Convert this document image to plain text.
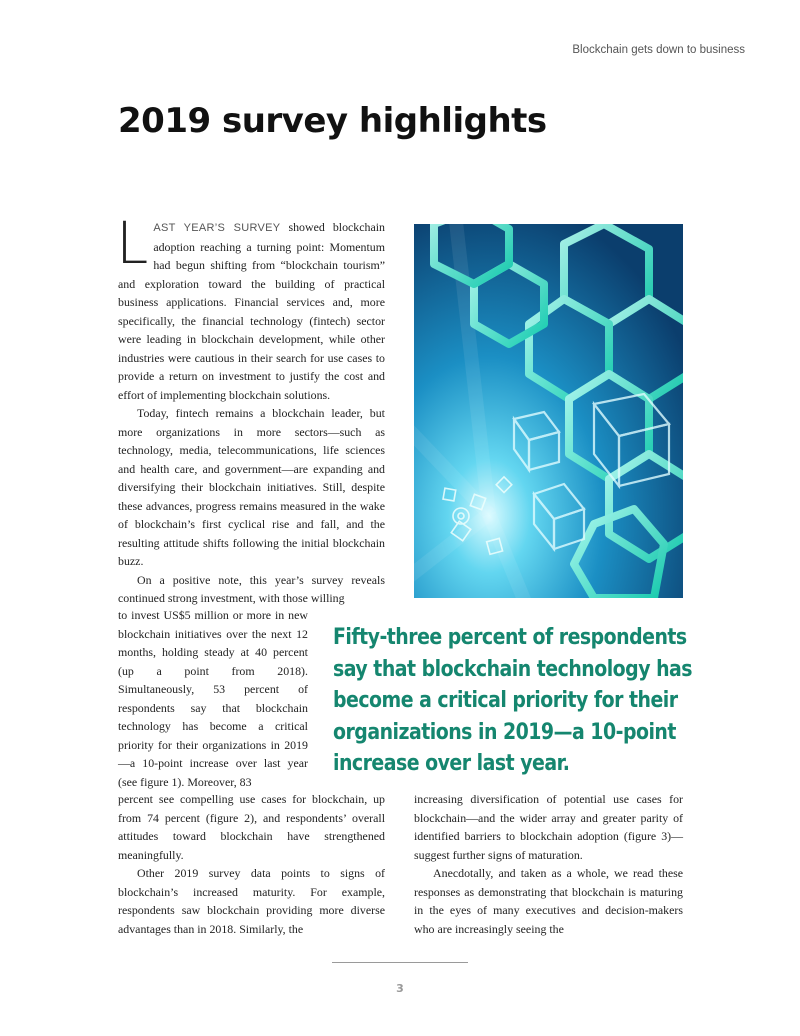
Blockchain gets down to business
2019 survey highlights

LAST YEAR’S SURVEY showed blockchain adoption reaching a turning point: Momentum had begun shifting from “blockchain tourism” and exploration toward the building of practical business applications. Financial services and, more specifically, the financial technology (fintech) sector were leading in blockchain development, while other industries were cautious in their search for use cases to provide a return on investment to justify the cost and effort of implementing blockchain solutions.

Today, fintech remains a blockchain leader, but more organizations in more sectors—such as technology, media, telecommunications, life sciences and health care, and government—are expanding and diversifying their blockchain initiatives. Still, despite these advances, progress remains measured in the wake of blockchain’s first cyclical rise and fall, and the resulting attitude shifts following the initial blockchain buzz.

On a positive note, this year’s survey reveals continued strong investment, with those willing

to invest US$5 million or more in new blockchain initiatives over the next 12 months, holding steady at 40 percent (up a point from 2018). Simultaneously, 53 percent of respondents say that blockchain technology has become a critical priority for their organizations in 2019—a 10-point increase over last year (see figure 1). Moreover, 83

Fifty-three percent of respondents say that blockchain technology has become a critical priority for their organizations in 2019—a 10-point increase over last year.

percent see compelling use cases for blockchain, up from 74 percent (figure 2), and respondents’ overall attitudes toward blockchain have strengthened meaningfully.

Other 2019 survey data points to signs of blockchain’s increased maturity. For example, respondents saw blockchain providing more diverse advantages than in 2018. Similarly, the

increasing diversification of potential use cases for blockchain—and the wider array and greater parity of identified barriers to blockchain adoption (figure 3)—suggest further signs of maturation.

Anecdotally, and taken as a whole, we read these responses as demonstrating that blockchain is maturing in the eyes of many executives and decision-makers who are increasingly seeing the

3
